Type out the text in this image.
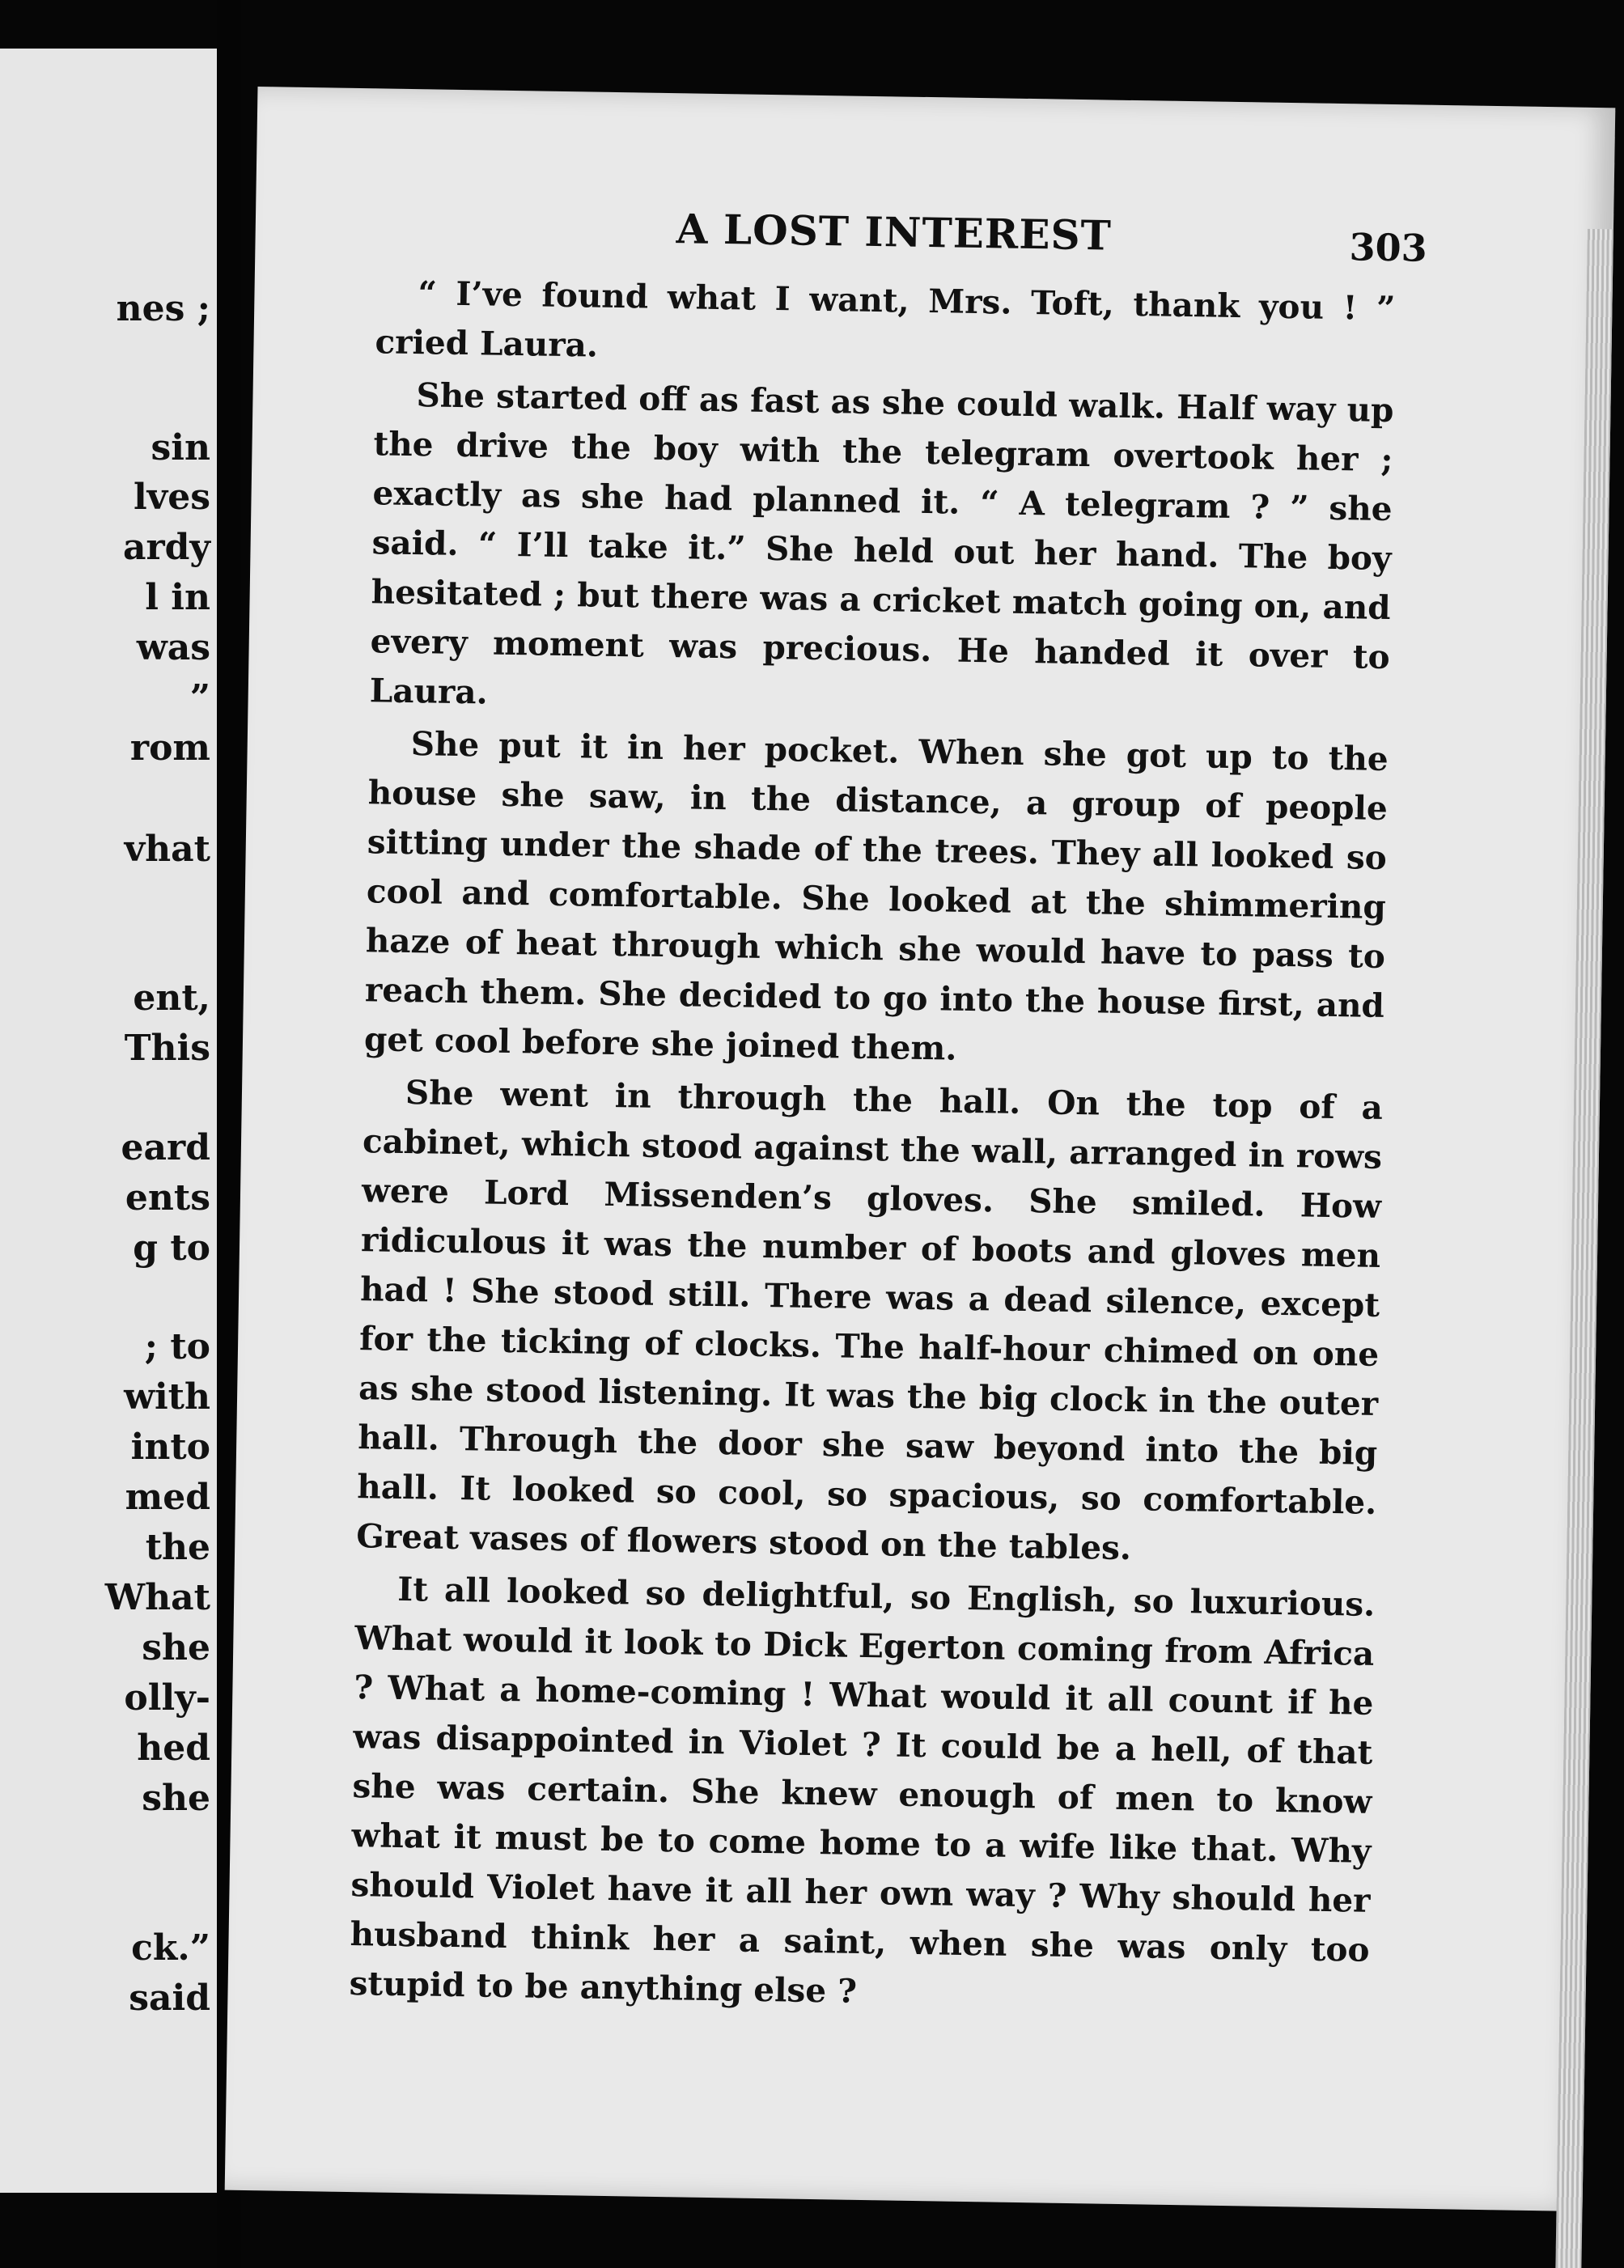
nes ;
sin
lves
ardy
l in
was
”
rom
vhat
ent,
This
eard
ents
g to
; to
with
into
med
the
What
she
olly-
hed
she
ck.”
said
A LOST INTEREST	303

“ I’ve found what I want, Mrs. Toft, thank you ! ” cried Laura.

She started off as fast as she could walk. Half way up the drive the boy with the telegram overtook her ; exactly as she had planned it. “ A telegram ? ” she said. “ I’ll take it.” She held out her hand. The boy hesitated ; but there was a cricket match going on, and every moment was precious. He handed it over to Laura.

She put it in her pocket. When she got up to the house she saw, in the distance, a group of people sitting under the shade of the trees. They all looked so cool and comfortable. She looked at the shimmering haze of heat through which she would have to pass to reach them. She decided to go into the house first, and get cool before she joined them.

She went in through the hall. On the top of a cabinet, which stood against the wall, arranged in rows were Lord Missenden’s gloves. She smiled. How ridiculous it was the number of boots and gloves men had ! She stood still. There was a dead silence, except for the ticking of clocks. The half-hour chimed on one as she stood listening. It was the big clock in the outer hall. Through the door she saw beyond into the big hall. It looked so cool, so spacious, so comfortable. Great vases of flowers stood on the tables.

It all looked so delightful, so English, so luxurious. What would it look to Dick Egerton coming from Africa ? What a home-coming ! What would it all count if he was disappointed in Violet ? It could be a hell, of that she was certain. She knew enough of men to know what it must be to come home to a wife like that. Why should Violet have it all her own way ? Why should her husband think her a saint, when she was only too stupid to be anything else ?
